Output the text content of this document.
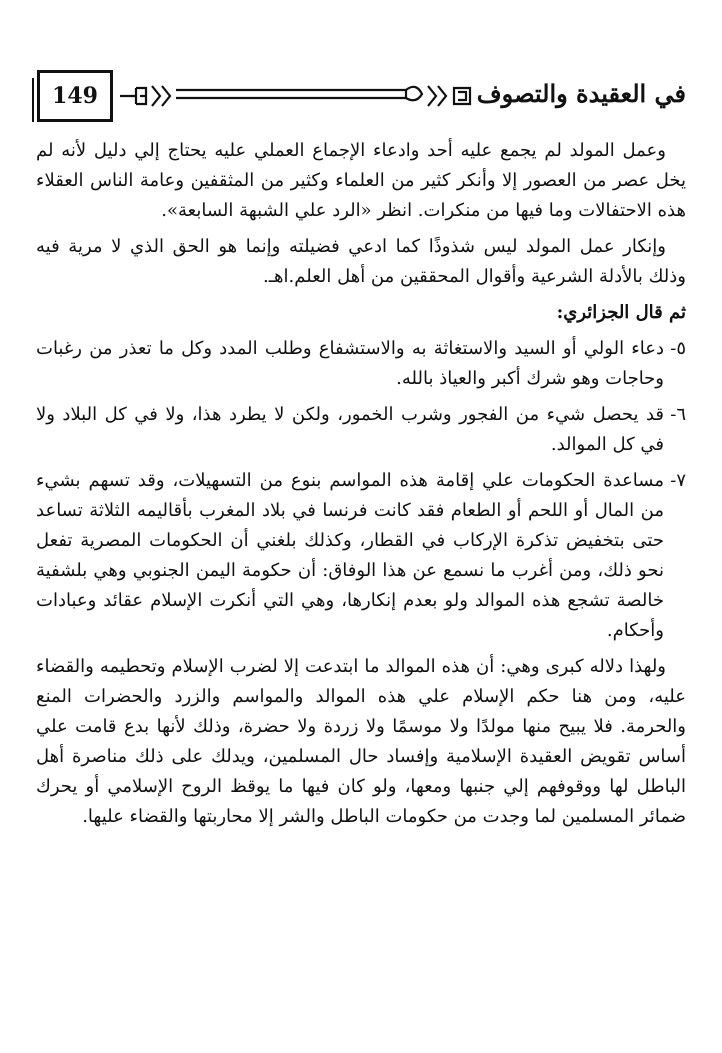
149	في العقيدة والتصوف

وعمل المولد لم يجمع عليه أحد وادعاء الإجماع العملي عليه يحتاج إلي دليل لأنه لم يخل عصر من العصور إلا وأنكر كثير من العلماء وكثير من المثقفين وعامة الناس العقلاء هذه الاحتفالات وما فيها من منكرات. انظر «الرد علي الشبهة السابعة».

وإنكار عمل المولد ليس شذوذًا كما ادعي فضيلته وإنما هو الحق الذي لا مرية فيه وذلك بالأدلة الشرعية وأقوال المحققين من أهل العلم.اهـ.

ثم قال الجزائري:

٥-
دعاء الولي أو السيد والاستغاثة به والاستشفاع وطلب المدد وكل ما تعذر من رغبات وحاجات وهو شرك أكبر والعياذ بالله.
٦-
قد يحصل شيء من الفجور وشرب الخمور، ولكن لا يطرد هذا، ولا في كل البلاد ولا في كل الموالد.
٧-
مساعدة الحكومات علي إقامة هذه المواسم بنوع من التسهيلات، وقد تسهم بشيء من المال أو اللحم أو الطعام فقد كانت فرنسا في بلاد المغرب بأقاليمه الثلاثة تساعد حتى بتخفيض تذكرة الإركاب في القطار، وكذلك بلغني أن الحكومات المصرية تفعل نحو ذلك، ومن أغرب ما نسمع عن هذا الوفاق: أن حكومة اليمن الجنوبي وهي بلشفية خالصة تشجع هذه الموالد ولو بعدم إنكارها، وهي التي أنكرت الإسلام عقائد وعبادات وأحكام.

ولهذا دلاله كبرى وهي: أن هذه الموالد ما ابتدعت إلا لضرب الإسلام وتحطيمه والقضاء عليه، ومن هنا حكم الإسلام علي هذه الموالد والمواسم والزرد والحضرات المنع والحرمة. فلا يبيح منها مولدًا ولا موسمًا ولا زردة ولا حضرة، وذلك لأنها بدع قامت علي أساس تقويض العقيدة الإسلامية وإفساد حال المسلمين، ويدلك على ذلك مناصرة أهل الباطل لها ووقوفهم إلي جنبها ومعها، ولو كان فيها ما يوقظ الروح الإسلامي أو يحرك ضمائر المسلمين لما وجدت من حكومات الباطل والشر إلا محاربتها والقضاء عليها.
